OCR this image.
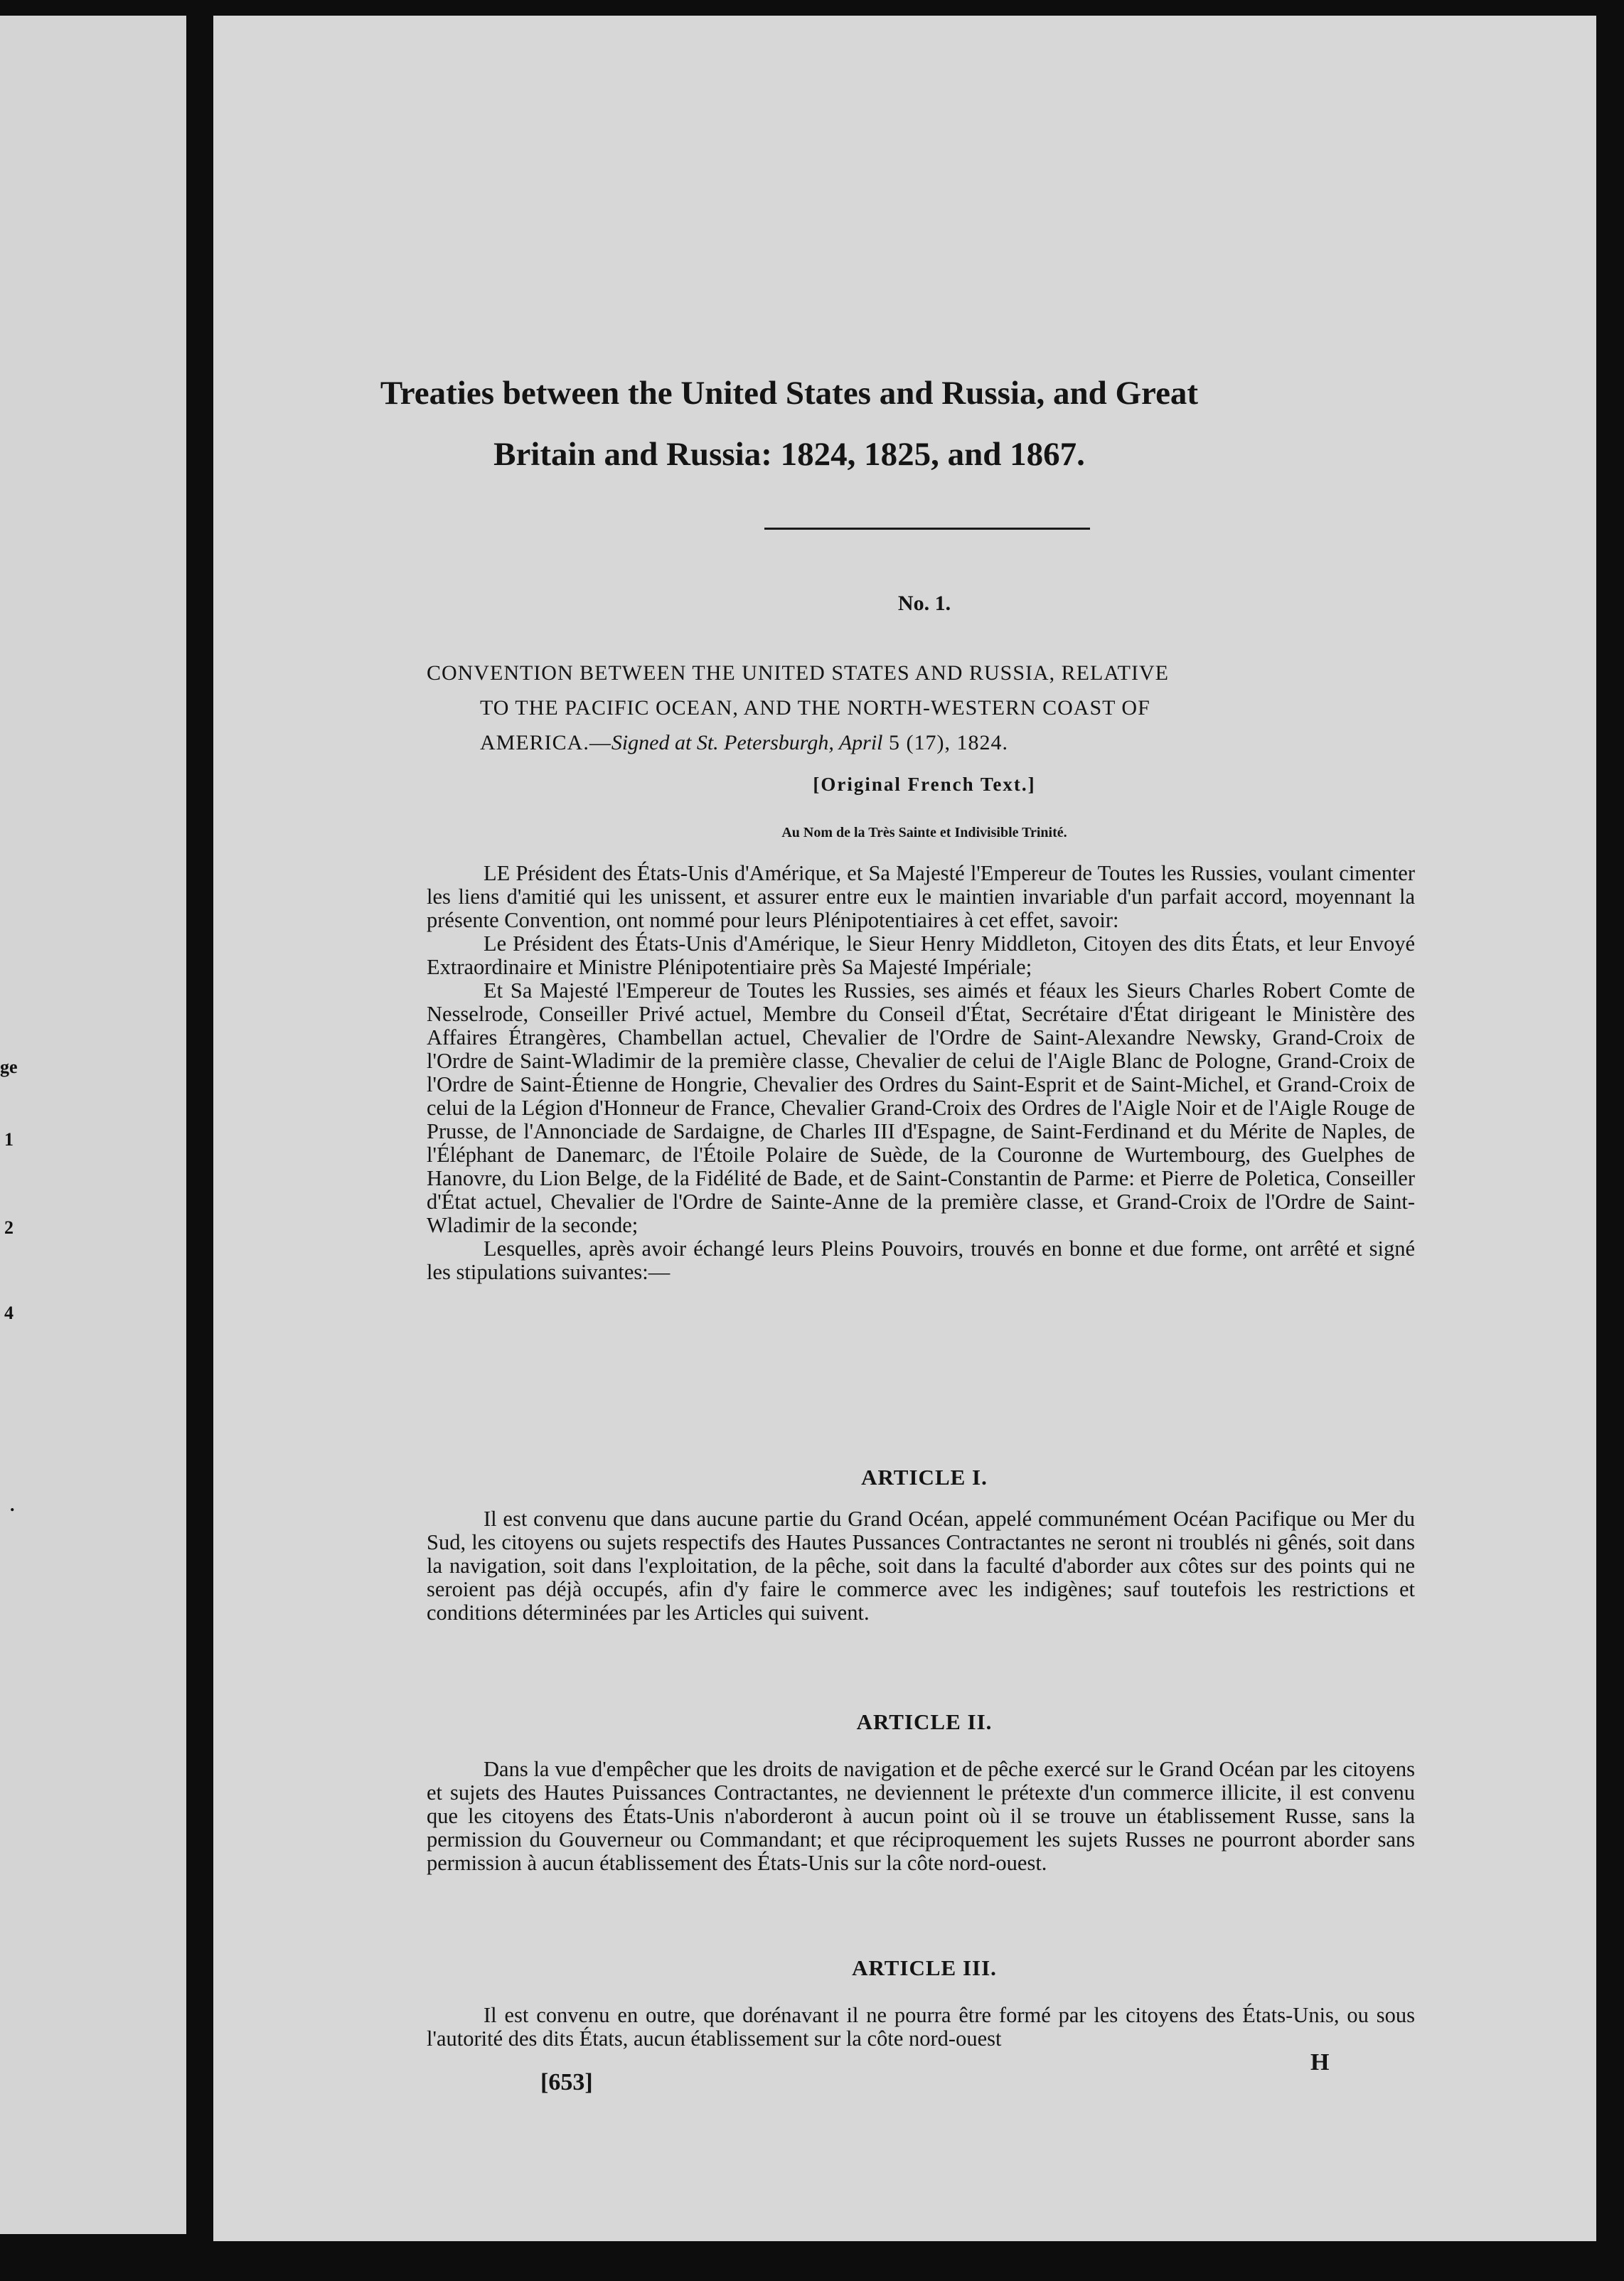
ge
1
2
4
.
Treaties between the United States and Russia, and Great
Britain and Russia: 1824, 1825, and 1867.
No. 1.
CONVENTION BETWEEN THE UNITED STATES AND RUSSIA, RELATIVE
TO THE PACIFIC OCEAN, AND THE NORTH-WESTERN COAST OF
AMERICA.—Signed at St. Petersburgh, April 5 (17), 1824.
[Original French Text.]
Au Nom de la Très Sainte et Indivisible Trinité.

LE Président des États-Unis d'Amérique, et Sa Majesté l'Empereur de Toutes les Russies, voulant cimenter les liens d'amitié qui les unissent, et assurer entre eux le maintien invariable d'un parfait accord, moyennant la présente Convention, ont nommé pour leurs Plénipotentiaires à cet effet, savoir:

Le Président des États-Unis d'Amérique, le Sieur Henry Middleton, Citoyen des dits États, et leur Envoyé Extraordinaire et Ministre Plénipotentiaire près Sa Majesté Impériale;

Et Sa Majesté l'Empereur de Toutes les Russies, ses aimés et féaux les Sieurs Charles Robert Comte de Nesselrode, Conseiller Privé actuel, Membre du Conseil d'État, Secrétaire d'État dirigeant le Ministère des Affaires Étrangères, Chambellan actuel, Chevalier de l'Ordre de Saint-Alexandre Newsky, Grand-Croix de l'Ordre de Saint-Wladimir de la première classe, Chevalier de celui de l'Aigle Blanc de Pologne, Grand-Croix de l'Ordre de Saint-Étienne de Hongrie, Chevalier des Ordres du Saint-Esprit et de Saint-Michel, et Grand-Croix de celui de la Légion d'Honneur de France, Chevalier Grand-Croix des Ordres de l'Aigle Noir et de l'Aigle Rouge de Prusse, de l'Annonciade de Sardaigne, de Charles III d'Espagne, de Saint-Ferdinand et du Mérite de Naples, de l'Éléphant de Danemarc, de l'Étoile Polaire de Suède, de la Couronne de Wurtembourg, des Guelphes de Hanovre, du Lion Belge, de la Fidélité de Bade, et de Saint-Constantin de Parme: et Pierre de Poletica, Conseiller d'État actuel, Chevalier de l'Ordre de Sainte-Anne de la première classe, et Grand-Croix de l'Ordre de Saint-Wladimir de la seconde;

Lesquelles, après avoir échangé leurs Pleins Pouvoirs, trouvés en bonne et due forme, ont arrêté et signé les stipulations suivantes:—

ARTICLE I.

Il est convenu que dans aucune partie du Grand Océan, appelé communément Océan Pacifique ou Mer du Sud, les citoyens ou sujets respectifs des Hautes Pussances Contractantes ne seront ni troublés ni gênés, soit dans la navigation, soit dans l'exploitation, de la pêche, soit dans la faculté d'aborder aux côtes sur des points qui ne seroient pas déjà occupés, afin d'y faire le commerce avec les indigènes; sauf toutefois les restrictions et conditions déterminées par les Articles qui suivent.

ARTICLE II.

Dans la vue d'empêcher que les droits de navigation et de pêche exercé sur le Grand Océan par les citoyens et sujets des Hautes Puissances Contractantes, ne deviennent le prétexte d'un commerce illicite, il est convenu que les citoyens des États-Unis n'aborderont à aucun point où il se trouve un établissement Russe, sans la permission du Gouverneur ou Commandant; et que réciproquement les sujets Russes ne pourront aborder sans permission à aucun établissement des États-Unis sur la côte nord-ouest.

ARTICLE III.

Il est convenu en outre, que dorénavant il ne pourra être formé par les citoyens des États-Unis, ou sous l'autorité des dits États, aucun établissement sur la côte nord-ouest

[653]
H
